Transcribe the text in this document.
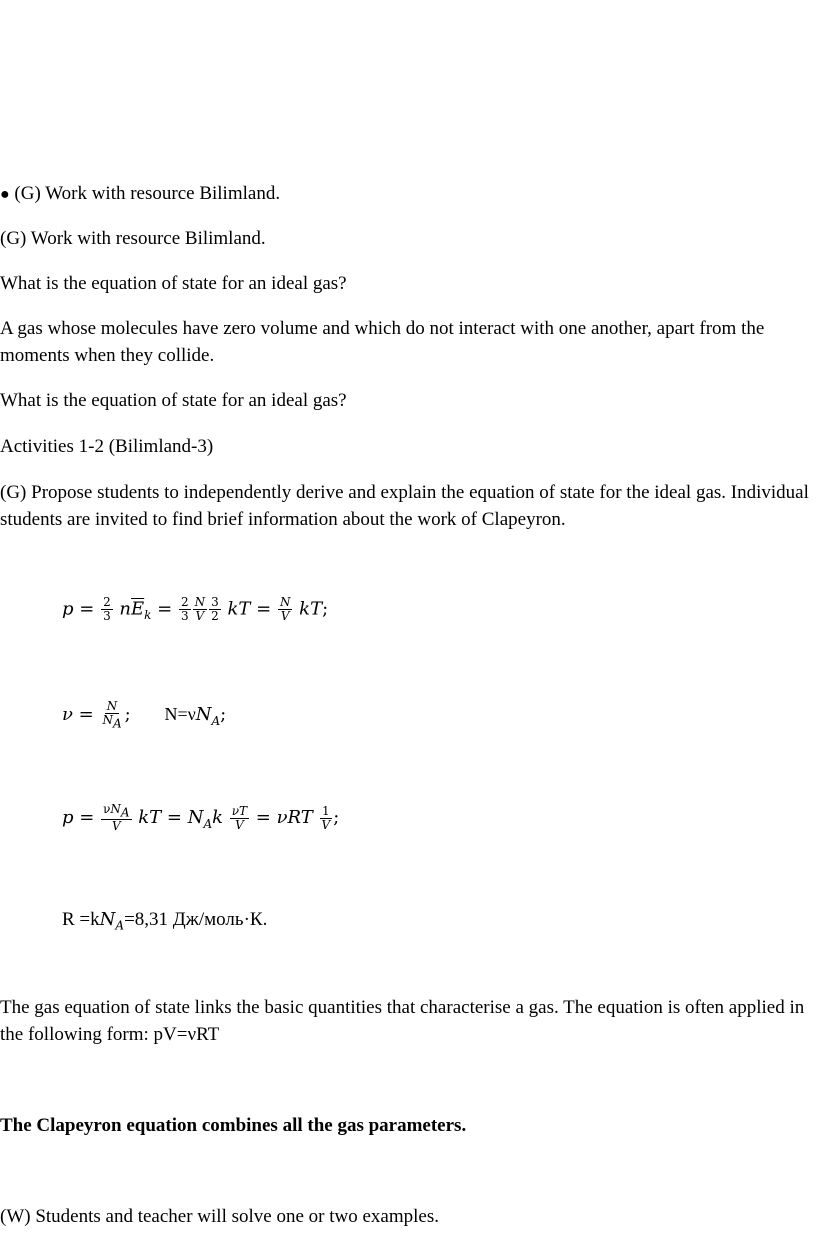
● (G) Work with resource Bilimland.
(G) Work with resource Bilimland.
What is the equation of state for an ideal gas?
A gas whose molecules have zero volume and which do not interact with one another, apart from the moments when they collide.
What is the equation of state for an ideal gas?
Activities 1-2 (Bilimland-3)
(G) Propose students to independently derive and explain the equation of state for the ideal gas. Individual students are invited to find brief information about the work of Clapeyron.
$p = \frac{2}{3} n\overline{E}_k = \frac{2}{3} \frac{N}{V} \frac{3}{2}$ kT = $\frac{N}{V}$ kT;
$\nu = \frac{N}{N_A}$ ; $N=\nu N_A$;
$p = \frac{\nu N_A}{V}$ kT = $N_Ak \frac{\nu T}{V} = \nu RT \frac{1}{V}$ ;
$R =kN_A=8,31$ Дж/моль·К.
The gas equation of state links the basic quantities that characterise a gas. The equation is often applied in the following form: pV=νRT
The Clapeyron equation combines all the gas parameters.
(W) Students and teacher will solve one or two examples.
